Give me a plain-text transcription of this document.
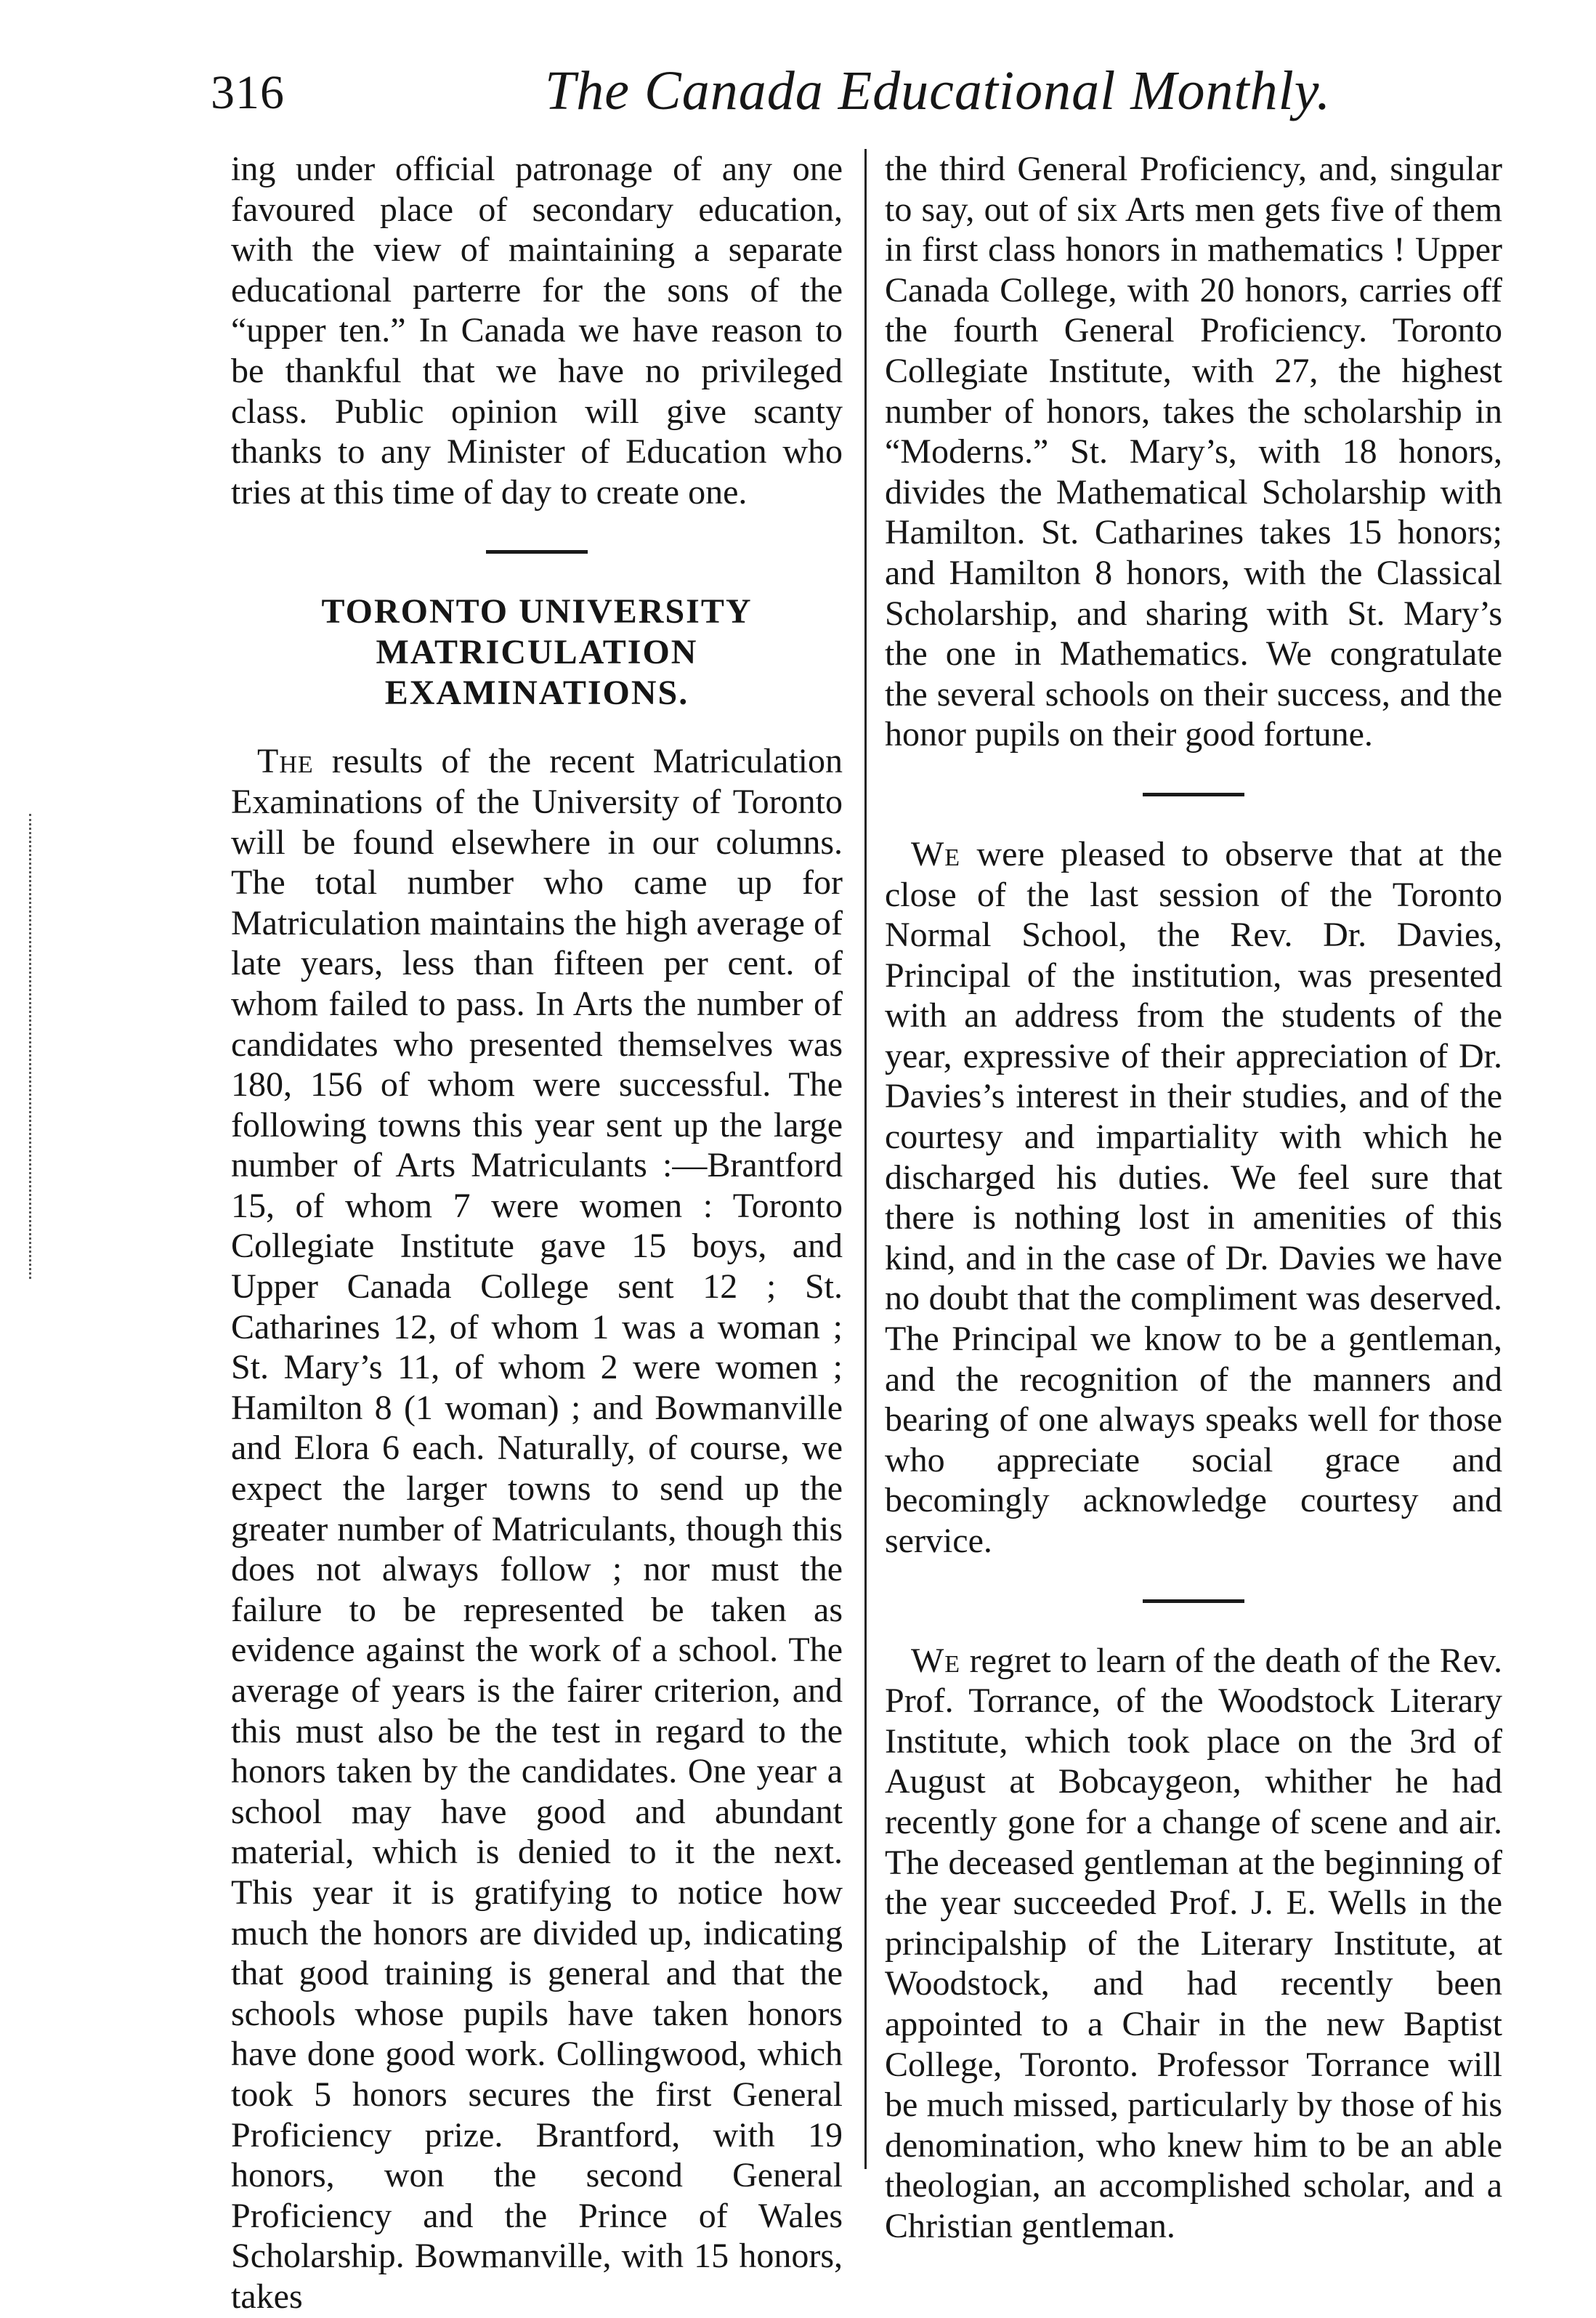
316	The Canada Educational Monthly.

ing under official patronage of any one favoured place of secondary education, with the view of maintaining a separate educational parterre for the sons of the “upper ten.” In Canada we have reason to be thankful that we have no privileged class. Public opinion will give scanty thanks to any Minister of Education who tries at this time of day to create one.

TORONTO UNIVERSITY MATRICULATION EXAMINATIONS.

The results of the recent Matriculation Examinations of the University of Toronto will be found elsewhere in our columns. The total number who came up for Matriculation maintains the high average of late years, less than fifteen per cent. of whom failed to pass. In Arts the number of candidates who presented themselves was 180, 156 of whom were successful. The following towns this year sent up the large number of Arts Matriculants :—Brantford 15, of whom 7 were women : Toronto Collegiate Institute gave 15 boys, and Upper Canada College sent 12 ; St. Catharines 12, of whom 1 was a woman ; St. Mary’s 11, of whom 2 were women ; Hamilton 8 (1 woman) ; and Bowmanville and Elora 6 each. Naturally, of course, we expect the larger towns to send up the greater number of Matriculants, though this does not always follow ; nor must the failure to be represented be taken as evidence against the work of a school. The average of years is the fairer criterion, and this must also be the test in regard to the honors taken by the candidates. One year a school may have good and abundant material, which is denied to it the next. This year it is gratifying to notice how much the honors are divided up, indicating that good training is general and that the schools whose pupils have taken honors have done good work. Collingwood, which took 5 honors secures the first General Proficiency prize. Brantford, with 19 honors, won the second General Proficiency and the Prince of Wales Scholarship. Bowmanville, with 15 honors, takes

the third General Proficiency, and, singular to say, out of six Arts men gets five of them in first class honors in mathematics ! Upper Canada College, with 20 honors, carries off the fourth General Proficiency. Toronto Collegiate Institute, with 27, the highest number of honors, takes the scholarship in “Moderns.” St. Mary’s, with 18 honors, divides the Mathematical Scholarship with Hamilton. St. Catharines takes 15 honors; and Hamilton 8 honors, with the Classical Scholarship, and sharing with St. Mary’s the one in Mathematics. We congratulate the several schools on their success, and the honor pupils on their good fortune.

We were pleased to observe that at the close of the last session of the Toronto Normal School, the Rev. Dr. Davies, Principal of the institution, was presented with an address from the students of the year, expressive of their appreciation of Dr. Davies’s interest in their studies, and of the courtesy and impartiality with which he discharged his duties. We feel sure that there is nothing lost in amenities of this kind, and in the case of Dr. Davies we have no doubt that the compliment was deserved. The Principal we know to be a gentleman, and the recognition of the manners and bearing of one always speaks well for those who appreciate social grace and becomingly acknowledge courtesy and service.

We regret to learn of the death of the Rev. Prof. Torrance, of the Woodstock Literary Institute, which took place on the 3rd of August at Bobcaygeon, whither he had recently gone for a change of scene and air. The deceased gentleman at the beginning of the year succeeded Prof. J. E. Wells in the principalship of the Literary Institute, at Woodstock, and had recently been appointed to a Chair in the new Baptist College, Toronto. Professor Torrance will be much missed, particularly by those of his denomination, who knew him to be an able theologian, an accomplished scholar, and a Christian gentleman.
